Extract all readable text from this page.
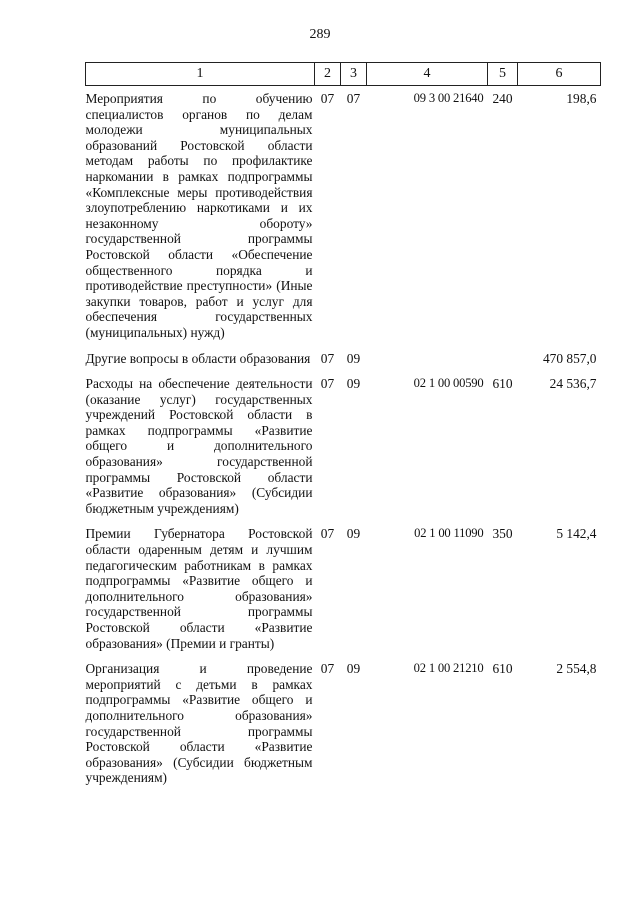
289
1	2	3	4	5	6
Мероприятия по обучению специалистов органов по делам молодежи муниципальных образований Ростовской области методам работы по профилактике наркомании в рамках подпрограммы «Комплексные меры противодействия злоупотреблению наркотиками и их незаконному обороту» государственной программы Ростовской области «Обеспечение общественного порядка и противодействие преступности» (Иные закупки товаров, работ и услуг для обеспечения государственных (муниципальных) нужд)	07	07	09 3 00 21640	240	198,6
Другие вопросы в области образования	07	09			470 857,0
Расходы на обеспечение деятельности (оказание услуг) государственных учреждений Ростовской области в рамках подпрограммы «Развитие общего и дополнительного образования» государственной программы Ростовской области «Развитие образования» (Субсидии бюджетным учреждениям)	07	09	02 1 00 00590	610	24 536,7
Премии Губернатора Ростовской области одаренным детям и лучшим педагогическим работникам в рамках подпрограммы «Развитие общего и дополнительного образования» государственной программы Ростовской области «Развитие образования» (Премии и гранты)	07	09	02 1 00 11090	350	5 142,4
Организация и проведение мероприятий с детьми в рамках подпрограммы «Развитие общего и дополнительного образования» государственной программы Ростовской области «Развитие образования» (Субсидии бюджетным учреждениям)	07	09	02 1 00 21210	610	2 554,8
